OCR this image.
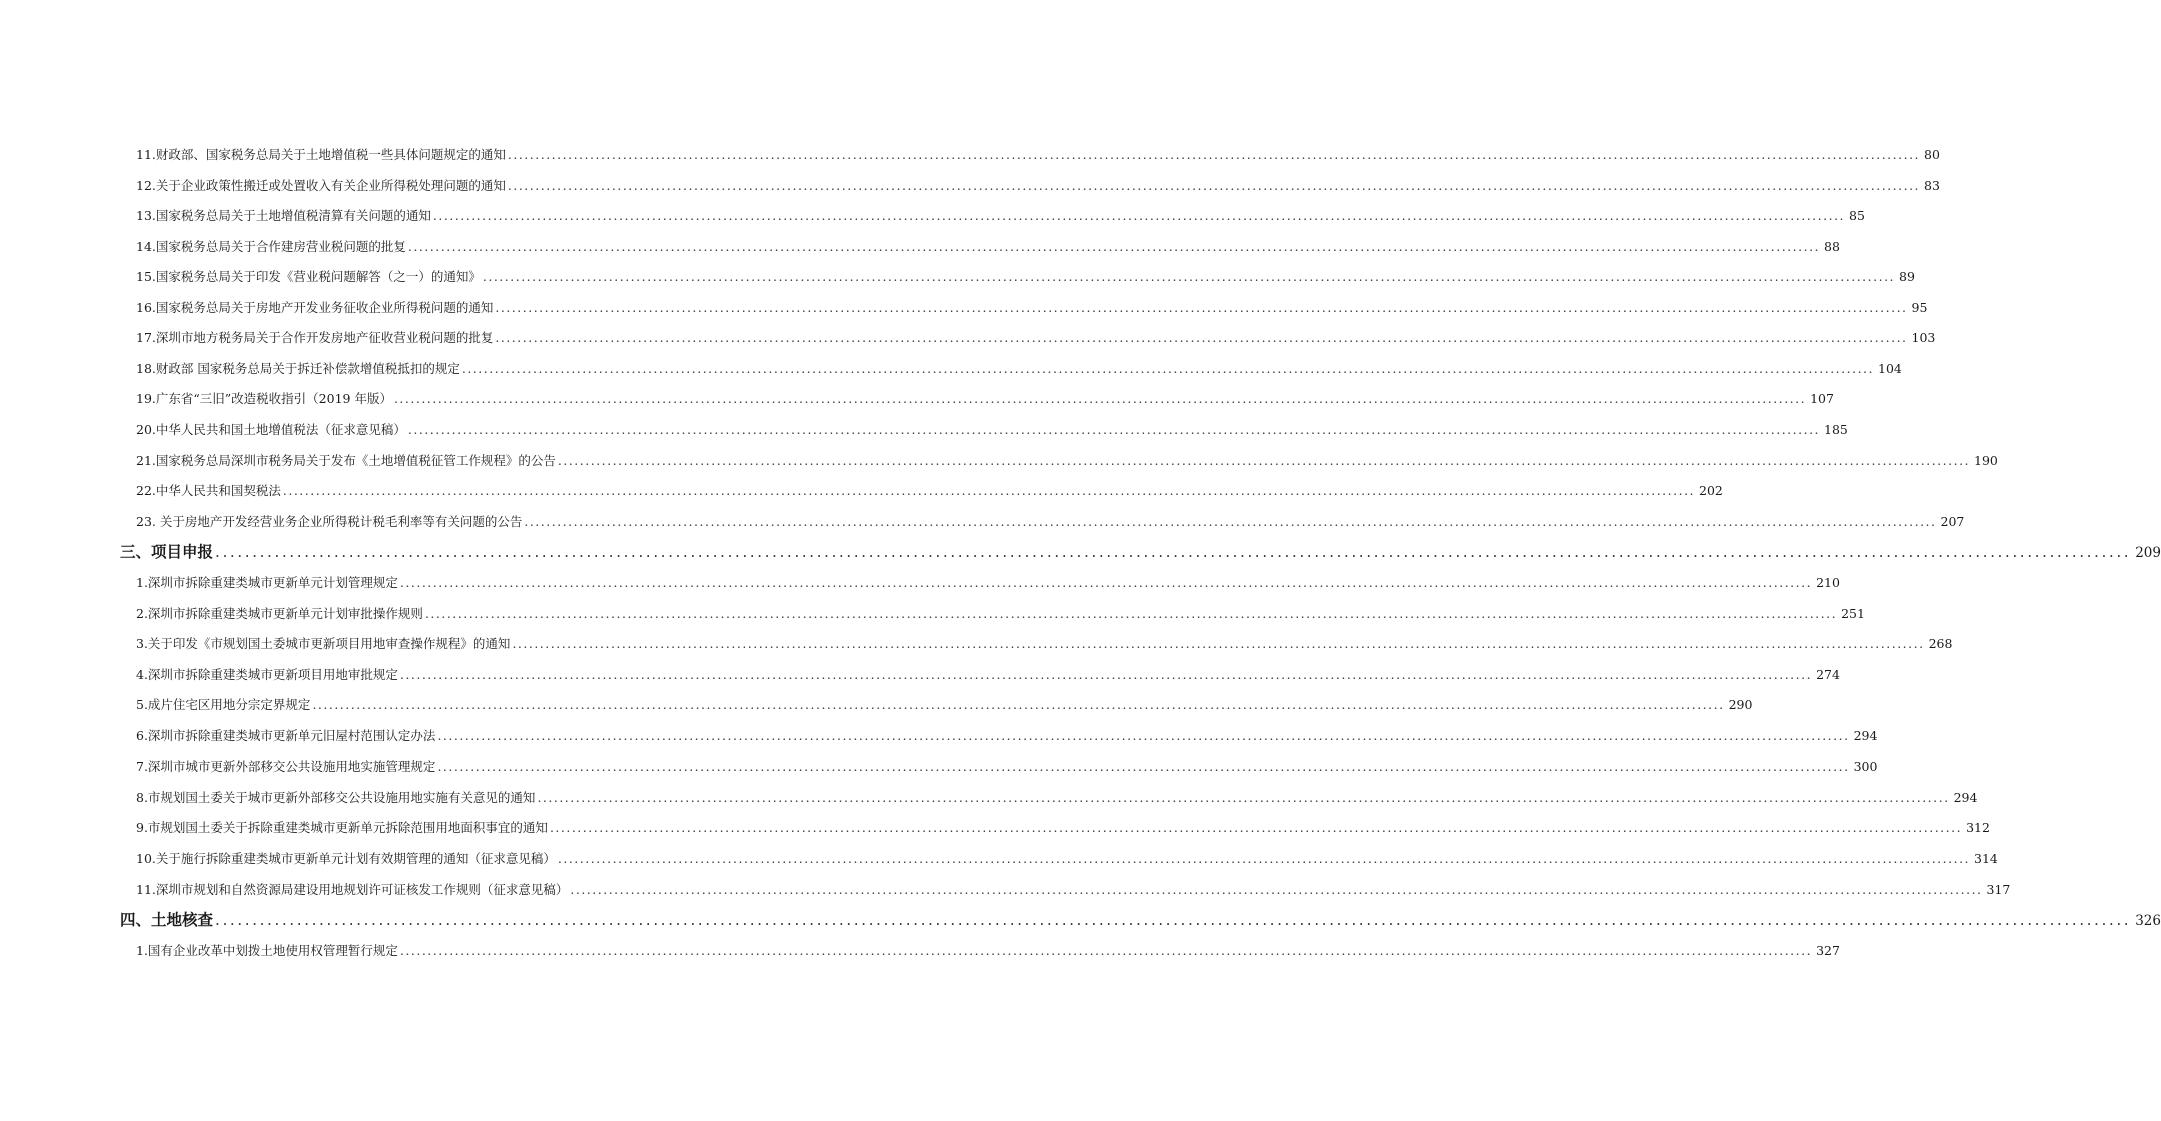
11.财政部、国家税务总局关于土地增值税一些具体问题规定的通知 .....	80
12.关于企业政策性搬迁或处置收入有关企业所得税处理问题的通知 .....	83
13.国家税务总局关于土地增值税清算有关问题的通知 .....	85
14.国家税务总局关于合作建房营业税问题的批复 .....	88
15.国家税务总局关于印发《营业税问题解答（之一）的通知》 .....	89
16.国家税务总局关于房地产开发业务征收企业所得税问题的通知 .....	95
17.深圳市地方税务局关于合作开发房地产征收营业税问题的批复 .....	103
18.财政部 国家税务总局关于拆迁补偿款增值税抵扣的规定 .....	104
19.广东省“三旧”改造税收指引（2019 年版） .....	107
20.中华人民共和国土地增值税法（征求意见稿） .....	185
21.国家税务总局深圳市税务局关于发布《土地增值税征管工作规程》的公告 .....	190
22.中华人民共和国契税法 .....	202
23. 关于房地产开发经营业务企业所得税计税毛利率等有关问题的公告 .....	207
三、项目申报 .....	209
1.深圳市拆除重建类城市更新单元计划管理规定 .....	210
2.深圳市拆除重建类城市更新单元计划审批操作规则 .....	251
3.关于印发《市规划国土委城市更新项目用地审查操作规程》的通知 .....	268
4.深圳市拆除重建类城市更新项目用地审批规定 .....	274
5.成片住宅区用地分宗定界规定 .....	290
6.深圳市拆除重建类城市更新单元旧屋村范围认定办法 .....	294
7.深圳市城市更新外部移交公共设施用地实施管理规定 .....	300
8.市规划国土委关于城市更新外部移交公共设施用地实施有关意见的通知 .....	294
9.市规划国土委关于拆除重建类城市更新单元拆除范围用地面积事宜的通知 .....	312
10.关于施行拆除重建类城市更新单元计划有效期管理的通知（征求意见稿） .....	314
11.深圳市规划和自然资源局建设用地规划许可证核发工作规则（征求意见稿） .....	317
四、土地核查 .....	326
1.国有企业改革中划拨土地使用权管理暂行规定 .....	327
